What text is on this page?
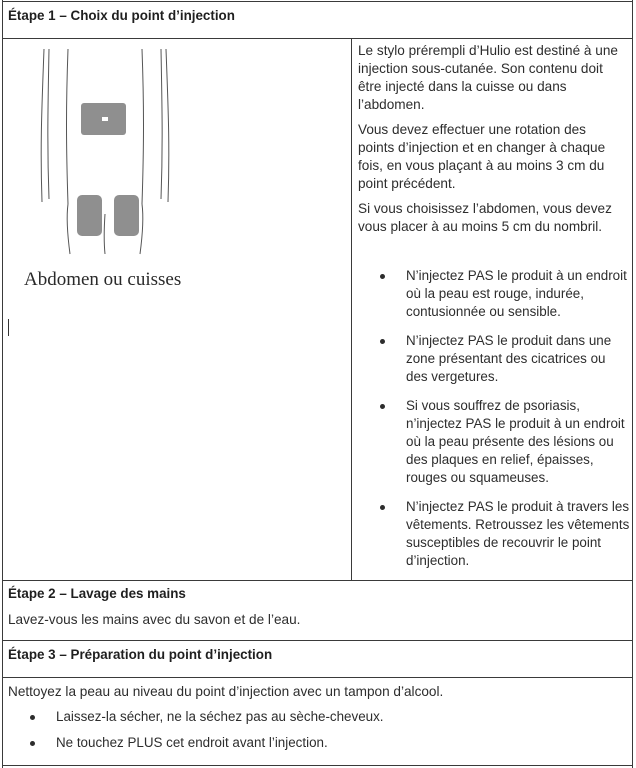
Étape 1 – Choix du point d’injection
Abdomen ou cuisses

Le stylo prérempli d’Hulio est destiné à une injection sous-cutanée. Son contenu doit être injecté dans la cuisse ou dans l’abdomen.

Vous devez effectuer une rotation des points d’injection et en changer à chaque fois, en vous plaçant à au moins 3 cm du point précédent.

Si vous choisissez l’abdomen, vous devez vous placer à au moins 5 cm du nombril.

N’injectez PAS le produit à un endroit où la peau est rouge, indurée, contusionnée ou sensible.
N’injectez PAS le produit dans une zone présentant des cicatrices ou des vergetures.
Si vous souffrez de psoriasis, n’injectez PAS le produit à un endroit où la peau présente des lésions ou des plaques en relief, épaisses, rouges ou squameuses.
N’injectez PAS le produit à travers les vêtements. Retroussez les vêtements susceptibles de recouvrir le point d’injection.
Étape 2 – Lavage des mains
Lavez-vous les mains avec du savon et de l’eau.
Étape 3 – Préparation du point d’injection
Nettoyez la peau au niveau du point d’injection avec un tampon d’alcool.
Laissez-la sécher, ne la séchez pas au sèche-cheveux.
Ne touchez PLUS cet endroit avant l’injection.
